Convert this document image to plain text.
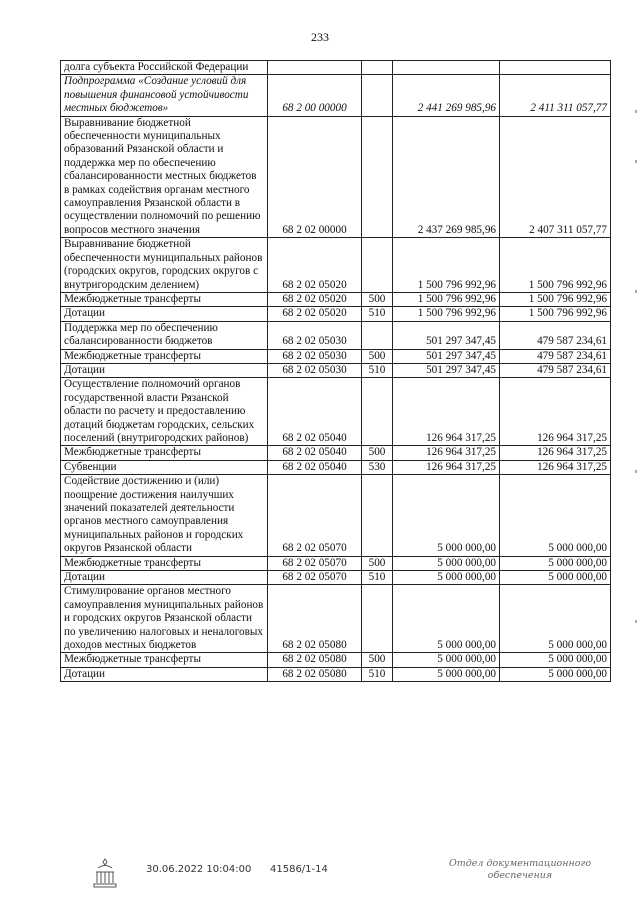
233
долга субъекта Российской Федерации				
Подпрограмма «Создание условий для повышения финансовой устойчивости местных бюджетов»	68 2 00 00000		2 441 269 985,96	2 411 311 057,77
Выравнивание бюджетной обеспеченности муниципальных образований Рязанской области и поддержка мер по обеспечению сбалансированности местных бюджетов в рамках содействия органам местного самоуправления Рязанской области в осуществлении полномочий по решению вопросов местного значения	68 2 02 00000		2 437 269 985,96	2 407 311 057,77
Выравнивание бюджетной обеспеченности муниципальных районов (городских округов, городских округов с внутригородским делением)	68 2 02 05020		1 500 796 992,96	1 500 796 992,96
Межбюджетные трансферты	68 2 02 05020	500	1 500 796 992,96	1 500 796 992,96
Дотации	68 2 02 05020	510	1 500 796 992,96	1 500 796 992,96
Поддержка мер по обеспечению сбалансированности бюджетов	68 2 02 05030		501 297 347,45	479 587 234,61
Межбюджетные трансферты	68 2 02 05030	500	501 297 347,45	479 587 234,61
Дотации	68 2 02 05030	510	501 297 347,45	479 587 234,61
Осуществление полномочий органов государственной власти Рязанской области по расчету и предоставлению дотаций бюджетам городских, сельских поселений (внутригородских районов)	68 2 02 05040		126 964 317,25	126 964 317,25
Межбюджетные трансферты	68 2 02 05040	500	126 964 317,25	126 964 317,25
Субвенции	68 2 02 05040	530	126 964 317,25	126 964 317,25
Содействие достижению и (или) поощрение достижения наилучших значений показателей деятельности органов местного самоуправления муниципальных районов и городских округов Рязанской области	68 2 02 05070		5 000 000,00	5 000 000,00
Межбюджетные трансферты	68 2 02 05070	500	5 000 000,00	5 000 000,00
Дотации	68 2 02 05070	510	5 000 000,00	5 000 000,00
Стимулирование органов местного самоуправления муниципальных районов и городских округов Рязанской области по увеличению налоговых и неналоговых доходов местных бюджетов	68 2 02 05080		5 000 000,00	5 000 000,00
Межбюджетные трансферты	68 2 02 05080	500	5 000 000,00	5 000 000,00
Дотации	68 2 02 05080	510	5 000 000,00	5 000 000,00
30.06.2022 10:04:00 41586/1-14
Отдел документационного
обеспечения
